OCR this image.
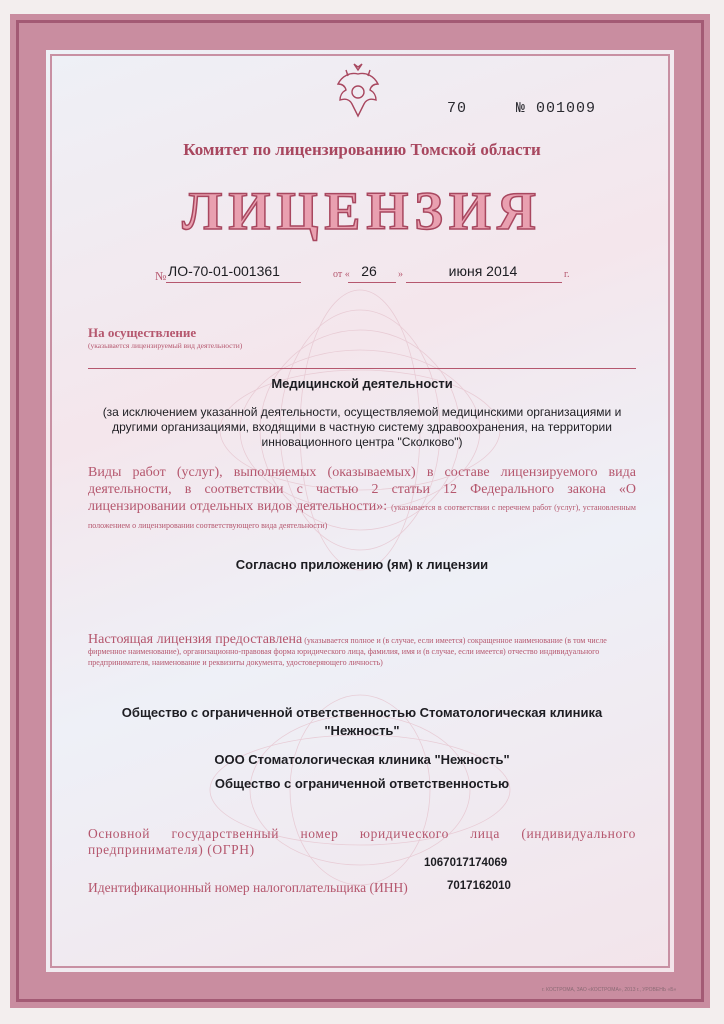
70	№ 001009
Комитет по лицензированию Томской области
ЛИЦЕНЗИЯ
№ ЛО-70-01-001361	от « 26	»	июня 2014	г.
На осуществление
(указывается лицензируемый вид деятельности)
Медицинской деятельности
(за исключением указанной деятельности, осуществляемой медицинскими организациями и другими организациями, входящими в частную систему здравоохранения, на территории инновационного центра "Сколково")
Виды работ (услуг), выполняемых (оказываемых) в составе лицензируемого вида деятельности, в соответствии с частью 2 статьи 12 Федерального закона «О лицензировании отдельных видов деятельности»: (указывается в соответствии с перечнем работ (услуг), установленным положением о лицензировании соответствующего вида деятельности)
Согласно приложению (ям) к лицензии
Настоящая лицензия предоставлена (указывается полное и (в случае, если имеется) сокращенное наименование (в том числе фирменное наименование), организационно-правовая форма юридического лица, фамилия, имя и (в случае, если имеется) отчество индивидуального предпринимателя, наименование и реквизиты документа, удостоверяющего личность)
Общество с ограниченной ответственностью Стоматологическая клиника
"Нежность"
ООО Стоматологическая клиника "Нежность"
Общество с ограниченной ответственностью
Основной государственный номер юридического лица (индивидуального предпринимателя) (ОГРН)
1067017174069
Идентификационный номер налогоплательщика (ИНН)	7017162010
г. КОСТРОМА, ЗАО «КОСТРОМА», 2013 г., УРОВЕНЬ «Б»
